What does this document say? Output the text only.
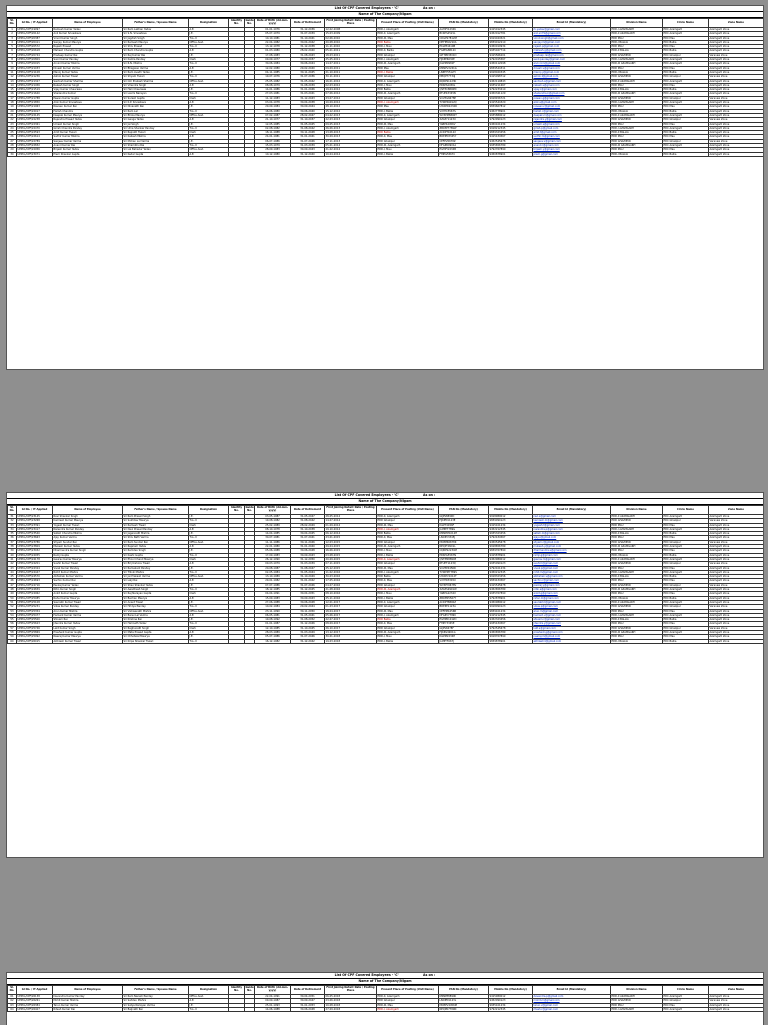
List Of CPF Covered Employees - 'C'	As on :
Name of The Company/Nigam
Sl. No.	GI No. / IT Applied	Name of Employee	Father's Name / Spouse Name	Designation	Identity No.	Guide No.	Date of Birth (dd-mm-yyyy)	Date of Retirement	First Joining Detail: Date / Posting Place	Present Place of Posting (Unit Name)	PAN No (Mandatory)	Mobile No (Mandatory)	Email Id (Mandatory)	Division Name	Circle Name	Zone Name
1	UPPCL/CPF/19997	Ramesh Kumar Yadav	Sri Ram Lakhan Yadav	A.E.			01-01-1976	31-12-2036	12-02-2008	EDD-I, Azamgarh	AAHPY1234K	9415012345	rk.yadav@gmail.com	EDD-I AZAMGARH	EDC Azamgarh	Azamgarh Zone
2	UPPCL/CPF/20142	Anil Kumar Srivastava	Sri S.N. Srivastava	J.E.			05-07-1979	31-07-2039	15-03-2009	EDD-II, Azamgarh	BCKPS4521L	9452012781	anil.sri79@gmail.com	EDD-II AZAMGARH	EDC Azamgarh	Azamgarh Zone
3	UPPCL/CPF/20387	Vinod Kumar Singh	Sri Jagdish Singh	T.G.-II			10-10-1981	31-10-2041	02-06-2010	EDD-III, Mau	CDGPS7812M	9919044521	vinod.singh@gmail.com	EDD MAU	EDC Mau	Azamgarh Zone
4	UPPCL/CPF/20411	Sanjay Kumar Maurya	Sri Ramesh Maurya	Office Asst.			22-04-1982	30-04-2042	20-08-2010	EDD Ballia	DHFPM2210A	9839012210	sanjay.m@gmail.com	EDD-I BALLIA	EDC Ballia	Azamgarh Zone
5	UPPCL/CPF/20572	Rajesh Prasad	Sri Shiv Prasad	T.G.-II			13-12-1978	31-12-2038	11-11-2010	EDD-I, Mau	EKLPP4419B	9450019934	rajesh.p@gmail.com	EDD MAU	EDC Mau	Azamgarh Zone
6	UPPCL/CPF/20618	Mahesh Chandra Gupta	Sri Ram Chandra Gupta	A.E.			01-03-1980	28-02-2040	05-01-2011	EDD-II, Ballia	FGPPG8812C	9935027714	mahesh.g@gmail.com	EDD-II BALLIA	EDC Ballia	Azamgarh Zone
7	UPPCL/CPF/20744	Pradeep Kumar Rai	Sri Raj Kumar Rai	J.E.			17-08-1983	31-08-2043	18-03-2011	EDD Ghazipur	GHTPR3301D	9415566201	pradeep.rai@gmail.com	EDD GHAZIPUR	EDC Ghazipur	Varanasi Zone
8	UPPCL/CPF/20809	Sunil Kumar Pandey	Sri Kamla Pandey	Clerk			09-09-1977	30-09-2037	25-05-2011	EDD-I, Azamgarh	HJKPP6632E	9792015567	sunil.pandey@gmail.com	EDD-I AZAMGARH	EDC Azamgarh	Azamgarh Zone
9	UPPCL/CPF/20915	Arvind Kumar Mishra	Sri R.N. Mishra	T.G.-II			30-06-1984	30-06-2044	14-07-2011	EDD-III, Azamgarh	JKLPM9981F	9450112098	arvind.m@gmail.com	EDD-III AZAMGARH	EDC Azamgarh	Azamgarh Zone
10	UPPCL/CPF/21033	Dinesh Kumar Verma	Sri Bhagwan Verma	A.E.			12-02-1980	29-02-2040	09-09-2011	EDD Mau	KMNPV2241G	9839544311	dinesh.v@gmail.com	EDD MAU	EDC Mau	Azamgarh Zone
11	UPPCL/CPF/21108	Manoj Kumar Yadav	Sri Ram Avadh Yadav	J.E.			04-11-1985	30-11-2045	21-10-2011	EDD-I, Ballia	LNPPY5512H	9918020345	manoj.y@gmail.com	EDD-I BALLIA	EDC Ballia	Azamgarh Zone
12	UPPCL/CPF/21236	Ashok Kumar Tiwari	Sri Shyam Tiwari	T.G.-II			19-07-1976	31-07-2036	30-11-2011	EDD Ghazipur	MPQPT7734J	9415098712	ashok.t@gmail.com	EDD GHAZIPUR	EDC Ghazipur	Varanasi Zone
13	UPPCL/CPF/21327	Santosh Kumar Sharma	Sri Om Prakash Sharma	Office Asst.			25-05-1982	31-05-2042	16-01-2012	EDD-II, Azamgarh	NQRPS1123K	9452119843	santosh.s@gmail.com	EDD-II AZAMGARH	EDC Azamgarh	Azamgarh Zone
14	UPPCL/CPF/21456	Rakesh Kumar Singh	Sri Virendra Singh	A.E.			08-08-1979	31-08-2039	02-03-2012	EDD-I, Mau	PRSPS4456L	9935211667	rakesh.s@gmail.com	EDD MAU	EDC Mau	Azamgarh Zone
15	UPPCL/CPF/21519	Vijay Kumar Chaurasia	Sri Hari Chaurasia	J.E.			14-01-1986	31-01-2046	19-04-2012	EDD Ballia	QSTPC8890M	9792233410	vijay.c@gmail.com	EDD-II BALLIA	EDC Ballia	Azamgarh Zone
16	UPPCL/CPF/21640	Shailendra Kumar	Sri Laxmi Narayan	T.G.-II			27-03-1981	31-03-2041	07-06-2012	EDD-III, Azamgarh	RTUPK3345N	9450341129	shailendra.k@gmail.com	EDD-III AZAMGARH	EDC Azamgarh	Azamgarh Zone
17	UPPCL/CPF/21788	Pawan Kumar Gupta	Sri Suresh Gupta	Clerk			11-12-1983	31-12-2043	23-07-2012	EDD Ghazipur	SUVPG6678P	9918456721	pawan.g@gmail.com	EDD GHAZIPUR	EDC Ghazipur	Varanasi Zone
18	UPPCL/CPF/21850	Alok Kumar Srivastava	Sri K.P. Srivastava	A.E.			03-04-1978	30-04-2038	10-09-2012	EDD-I, Azamgarh	TVWPS9912Q	9415544320	alok.s@gmail.com	EDD-I AZAMGARH	EDC Azamgarh	Azamgarh Zone
19	UPPCL/CPF/21963	Naveen Kumar Rai	Sri Dinanath Rai	J.E.			29-09-1984	30-09-2044	28-10-2012	EDD Mau	UWXPR2234R	9839667812	naveen.r@gmail.com	EDD MAU	EDC Mau	Azamgarh Zone
20	UPPCL/CPF/22017	Harish Chandra	Sri Ram Lal	T.G.-II			16-06-1980	30-06-2040	15-12-2012	EDD-I, Ballia	VXYPC5567S	9452778901	harish.c@gmail.com	EDD-I BALLIA	EDC Ballia	Azamgarh Zone
21	UPPCL/CPF/22145	Deepak Kumar Maurya	Sri Bhola Maurya	Office Asst.			07-02-1987	28-02-2047	04-02-2013	EDD-II, Azamgarh	WYZPM8890T	9935889012	deepak.m@gmail.com	EDD-II AZAMGARH	EDC Azamgarh	Azamgarh Zone
22	UPPCL/CPF/22238	Rajendra Prasad Yadav	Sri Ganga Yadav	A.E.			21-10-1977	31-10-2037	22-03-2013	EDD Ghazipur	XZAPY1123U	9792990123	rajendra.y@gmail.com	EDD GHAZIPUR	EDC Ghazipur	Varanasi Zone
23	UPPCL/CPF/22361	Umesh Kumar Singh	Sri Jai Singh	J.E.			12-05-1985	31-05-2045	09-05-2013	EDD-III, Mau	YABPS4456V	9450101234	umesh.s@gmail.com	EDD MAU	EDC Mau	Azamgarh Zone
24	UPPCL/CPF/22470	Girish Chandra Pandey	Sri Uma Shankar Pandey	T.G.-II			02-08-1982	31-08-2042	26-06-2013	EDD-I, Azamgarh	ZBCPP7789W	9918212345	girish.p@gmail.com	EDD-I AZAMGARH	EDC Azamgarh	Azamgarh Zone
25	UPPCL/CPF/22593	Amit Kumar Tiwari	Sri Rajnath Tiwari	Clerk			18-11-1988	30-11-2048	13-08-2013	EDD Ballia	ACDPT1012X	9839323456	amit.t@gmail.com	EDD-II BALLIA	EDC Ballia	Azamgarh Zone
26	UPPCL/CPF/22614	Sudhir Kumar Mishra	Sri Kailash Mishra	A.E.			24-01-1981	31-01-2041	30-09-2013	EDD-II, Mau	BDEPM3345Y	9415434567	sudhir.m@gmail.com	EDD MAU	EDC Mau	Azamgarh Zone
27	UPPCL/CPF/22789	Sanjeev Kumar Verma	Sri Mohan Lal Verma	J.E.			06-07-1986	31-07-2046	17-11-2013	EDD Ghazipur	CEFPV6678Z	9452545678	sanjeev.v@gmail.com	EDD GHAZIPUR	EDC Ghazipur	Varanasi Zone
28	UPPCL/CPF/22832	Anand Kumar Rai	Sri Shambhu Rai	T.G.-II			15-03-1979	31-03-2039	05-01-2014	EDD-III, Azamgarh	DFGPR9901A	9935656789	anand.r@gmail.com	EDD-III AZAMGARH	EDC Azamgarh	Azamgarh Zone
29	UPPCL/CPF/22956	Brijesh Kumar Yadav	Sri Lal Bahadur Yadav	Office Asst.			28-09-1983	30-09-2043	21-02-2014	EDD-I, Mau	EGHPY2234B	9792767890	brijesh.y@gmail.com	EDD MAU	EDC Mau	Azamgarh Zone
30	UPPCL/CPF/23071	Prem Shankar Gupta	Sri Kedar Gupta	A.E.			10-12-1980	31-12-2040	10-04-2014	EDD-I, Ballia	FHIPG5567C	9450878901	prem.g@gmail.com	EDD-I BALLIA	EDC Ballia	Azamgarh Zone
List Of CPF Covered Employees - 'C'	As on :
Name of The Company/Nigam
Sl. No.	GI No. / IT Applied	Name of Employee	Father's Name / Spouse Name	Designation	Identity No.	Guide No.	Date of Birth (dd-mm-yyyy)	Date of Retirement	First Joining Detail: Date / Posting Place	Present Place of Posting (Unit Name)	PAN No (Mandatory)	Mobile No (Mandatory)	Email Id (Mandatory)	Division Name	Circle Name	Zone Name
31	UPPCL/CPF/23145	Ravi Shankar Singh	Sri Ram Prasad Singh	J.E.			03-05-1987	31-05-2047	28-05-2014	EDD-II, Azamgarh	GIJPS8890D	9918989012	ravi.s@gmail.com	EDD-II AZAMGARH	EDC Azamgarh	Azamgarh Zone
32	UPPCL/CPF/23268	Kamlesh Kumar Maurya	Sri Sukhdev Maurya	T.G.-II			19-08-1982	31-08-2042	14-07-2014	EDD Ghazipur	HJKPM1123E	9839090123	kamlesh.m@gmail.com	EDD GHAZIPUR	EDC Ghazipur	Varanasi Zone
33	UPPCL/CPF/23391	Yogesh Kumar Tiwari	Sri Ramesh Tiwari	Clerk			25-02-1989	28-02-2049	01-09-2014	EDD-III, Mau	IKLPT4456F	9415101234	yogesh.t@gmail.com	EDD MAU	EDC Mau	Azamgarh Zone
34	UPPCL/CPF/23417	Narendra Kumar Pandey	Sri Devi Prasad Pandey	A.E.			08-10-1978	31-10-2038	19-10-2014	EDD-I, Azamgarh	JLMPP7789G	9452212345	narendra.p@gmail.com	EDD-I AZAMGARH	EDC Azamgarh	Azamgarh Zone
35	UPPCL/CPF/23540	Satish Chandra Mishra	Sri Jagannath Mishra	J.E.			14-04-1985	30-04-2045	06-12-2014	EDD Ballia	KMNPM1012H	9935323456	satish.m@gmail.com	EDD-II BALLIA	EDC Ballia	Azamgarh Zone
36	UPPCL/CPF/23663	Ajay Kumar Verma	Sri Shiv Nath Verma	T.G.-II			30-07-1981	31-07-2041	23-01-2015	EDD-II, Mau	LNOPV3345J	9792434567	ajay.v@gmail.com	EDD MAU	EDC Mau	Azamgarh Zone
37	UPPCL/CPF/23786	Shyam Sundar Rai	Sri Ram Sundar Rai	Office Asst.			11-11-1986	30-11-2046	12-03-2015	EDD Ghazipur	MOPPR6678K	9450545678	shyam.r@gmail.com	EDD GHAZIPUR	EDC Ghazipur	Varanasi Zone
38	UPPCL/CPF/23809	Mukesh Kumar Yadav	Sri Rajaram Yadav	A.E.			22-01-1980	31-01-2040	29-04-2015	EDD-III, Azamgarh	NPQPY9901L	9918656789	mukesh.y@gmail.com	EDD-III AZAMGARH	EDC Azamgarh	Azamgarh Zone
39	UPPCL/CPF/23932	Dharmendra Kumar Singh	Sri Ramdev Singh	J.E.			05-06-1988	30-06-2048	16-06-2015	EDD-I, Mau	OQRPS2234M	9839767890	dharmendra.s@gmail.com	EDD MAU	EDC Mau	Azamgarh Zone
40	UPPCL/CPF/24055	Ramji Gupta	Sri Kashi Gupta	T.G.-II			17-09-1983	30-09-2043	03-08-2015	EDD-I, Ballia	PRSPG5567N	9415878901	ramji.g@gmail.com	EDD-I BALLIA	EDC Ballia	Azamgarh Zone
41	UPPCL/CPF/24178	Gaurav Kumar Maurya	Sri Phool Chand Maurya	Clerk			26-12-1990	31-12-2050	20-09-2015	EDD-II, Azamgarh	QSTPM8890P	9452989012	gaurav.m@gmail.com	EDD-II AZAMGARH	EDC Azamgarh	Azamgarh Zone
42	UPPCL/CPF/24201	Sushil Kumar Tiwari	Sri Brij Kishore Tiwari	A.E.			09-03-1979	31-03-2039	07-11-2015	EDD Ghazipur	RTUPT1123Q	9935090123	sushil.t@gmail.com	EDD GHAZIPUR	EDC Ghazipur	Varanasi Zone
43	UPPCL/CPF/24324	Vivek Kumar Pandey	Sri Ramakant Pandey	J.E.			20-08-1987	31-08-2047	25-12-2015	EDD-III, Mau	SUVPP4456R	9792101234	vivek.p@gmail.com	EDD MAU	EDC Mau	Azamgarh Zone
44	UPPCL/CPF/24447	Rohit Kumar Mishra	Sri Triloki Mishra	T.G.-II			02-05-1984	31-05-2044	11-02-2016	EDD-I, Azamgarh	TVWPM7789S	9450212345	rohit.m@gmail.com	EDD-I AZAMGARH	EDC Azamgarh	Azamgarh Zone
45	UPPCL/CPF/24570	Abhishek Kumar Verma	Sri Jai Prakash Verma	Office Asst.			13-10-1989	31-10-2049	30-03-2016	EDD Ballia	UWXPV1012T	9918323456	abhishek.v@gmail.com	EDD-II BALLIA	EDC Ballia	Azamgarh Zone
46	UPPCL/CPF/24693	Sachin Kumar Rai	Sri Lalji Rai	A.E.			29-01-1982	31-01-2042	17-05-2016	EDD-II, Mau	VXYPR3345U	9839434567	sachin.r@gmail.com	EDD MAU	EDC Mau	Azamgarh Zone
47	UPPCL/CPF/24716	Pankaj Kumar Yadav	Sri Sheo Shankar Yadav	J.E.			07-07-1986	31-07-2046	04-07-2016	EDD Ghazipur	WYZPY6678V	9415545678	pankaj.y@gmail.com	EDD GHAZIPUR	EDC Ghazipur	Varanasi Zone
48	UPPCL/CPF/24839	Nitin Kumar Singh	Sri Awadhesh Singh	T.G.-II			18-12-1985	31-12-2045	21-08-2016	EDD-III, Azamgarh	XZAPS9901W	9452656789	nitin.s@gmail.com	EDD-III AZAMGARH	EDC Azamgarh	Azamgarh Zone
49	UPPCL/CPF/24962	Ankit Kumar Gupta	Sri Raj Narayan Gupta	Clerk			04-04-1991	30-04-2051	08-10-2016	EDD-I, Mau	YABPG2234X	9935767890	ankit.g@gmail.com	EDD MAU	EDC Mau	Azamgarh Zone
50	UPPCL/CPF/25085	Rahul Kumar Maurya	Sri Bechan Maurya	A.E.			15-09-1983	30-09-2043	25-11-2016	EDD-I, Ballia	ZBCPM5567Y	9792878901	rahul.m@gmail.com	EDD-I BALLIA	EDC Ballia	Azamgarh Zone
51	UPPCL/CPF/25108	Saurabh Kumar Tiwari	Sri Anant Tiwari	J.E.			27-06-1988	30-06-2048	12-01-2017	EDD-II, Azamgarh	ACDPT8890Z	9450989012	saurabh.t@gmail.com	EDD-II AZAMGARH	EDC Azamgarh	Azamgarh Zone
52	UPPCL/CPF/25231	Vikas Kumar Pandey	Sri Hridya Pandey	T.G.-II			10-02-1984	29-02-2044	01-03-2017	EDD Ghazipur	BDEPP1123A	9918090123	vikas.p@gmail.com	EDD GHAZIPUR	EDC Ghazipur	Varanasi Zone
53	UPPCL/CPF/25354	Arun Kumar Mishra	Sri Vishwanath Mishra	Office Asst.			23-11-1990	30-11-2050	18-04-2017	EDD-III, Mau	CEFPM4456B	9839101234	arun.m@gmail.com	EDD MAU	EDC Mau	Azamgarh Zone
54	UPPCL/CPF/25477	Hemant Kumar Verma	Sri Bansi Lal Verma	A.E.			06-05-1981	31-05-2041	05-06-2017	EDD-I, Azamgarh	DFGPV7789C	9415212345	hemant.v@gmail.com	EDD-I AZAMGARH	EDC Azamgarh	Azamgarh Zone
55	UPPCL/CPF/25500	Shivam Rai	Sri Krishna Rai	J.E.			19-08-1992	31-08-2052	22-07-2017	EDD Ballia	EGHPR1012D	9452323456	shivam.r@gmail.com	EDD-II BALLIA	EDC Ballia	Azamgarh Zone
56	UPPCL/CPF/25623	Jitendra Kumar Yadav	Sri Harinath Yadav	T.G.-II			01-01-1987	31-12-2046	08-09-2017	EDD-II, Mau	FHIPY3345E	9935434567	jitendra.y@gmail.com	EDD MAU	EDC Mau	Azamgarh Zone
57	UPPCL/CPF/25746	Lalit Kumar Singh	Sri Raghunath Singh	Clerk			12-10-1985	31-10-2045	26-10-2017	EDD Ghazipur	GIJPS6678F	9792545678	lalit.s@gmail.com	EDD GHAZIPUR	EDC Ghazipur	Varanasi Zone
58	UPPCL/CPF/25869	Prashant Kumar Gupta	Sri Mata Prasad Gupta	A.E.			28-03-1989	31-03-2049	13-12-2017	EDD-III, Azamgarh	HJKPG9901G	9450656789	prashant.g@gmail.com	EDD-III AZAMGARH	EDC Azamgarh	Azamgarh Zone
59	UPPCL/CPF/25992	Neeraj Kumar Maurya	Sri Chhotelal Maurya	J.E.			05-07-1986	31-07-2046	30-01-2018	EDD-I, Mau	IKLPM2234H	9918767890	neeraj.m@gmail.com	EDD MAU	EDC Mau	Azamgarh Zone
60	UPPCL/CPF/26015	Akhilesh Kumar Tiwari	Sri Kripa Shankar Tiwari	T.G.-II			16-12-1982	31-12-2042	19-03-2018	EDD-I, Ballia	JLMPT5567J	9839878901	akhilesh.t@gmail.com	EDD-I BALLIA	EDC Ballia	Azamgarh Zone
List Of CPF Covered Employees - 'C'	As on :
Name of The Company/Nigam
Sl. No.	GI No. / IT Applied	Name of Employee	Father's Name / Spouse Name	Designation	Identity No.	Guide No.	Date of Birth (dd-mm-yyyy)	Date of Retirement	First Joining Detail: Date / Posting Place	Present Place of Posting (Unit Name)	PAN No (Mandatory)	Mobile No (Mandatory)	Email Id (Mandatory)	Division Name	Circle Name	Zone Name
61	UPPCL/CPF/26138	Devendra Kumar Pandey	Sri Ram Naresh Pandey	Office Asst.			22-04-1991	30-04-2051	06-05-2018	EDD-II, Azamgarh	KMNPP8890K	9415989012	devendra.p@gmail.com	EDD-II AZAMGARH	EDC Azamgarh	Azamgarh Zone
62	UPPCL/CPF/26261	Mohit Kumar Mishra	Sri Sahdev Mishra	A.E.			09-09-1987	30-09-2047	23-06-2018	EDD Ghazipur	LNOPM1123L	9452090123	mohit.m@gmail.com	EDD GHAZIPUR	EDC Ghazipur	Varanasi Zone
63	UPPCL/CPF/26384	Tarun Kumar Verma	Sri Satya Narayan Verma	J.E.			25-01-1993	31-01-2053	10-08-2018	EDD-III, Mau	MOPPV4456M	9935101234	tarun.v@gmail.com	EDD MAU	EDC Mau	Azamgarh Zone
64	UPPCL/CPF/26407	Ritesh Kumar Rai	Sri Baijnath Rai	T.G.-II			14-06-1988	30-06-2048	27-09-2018	EDD-I, Azamgarh	NPQPR7789N	9792212345	ritesh.r@gmail.com	EDD-I AZAMGARH	EDC Azamgarh	Azamgarh Zone
